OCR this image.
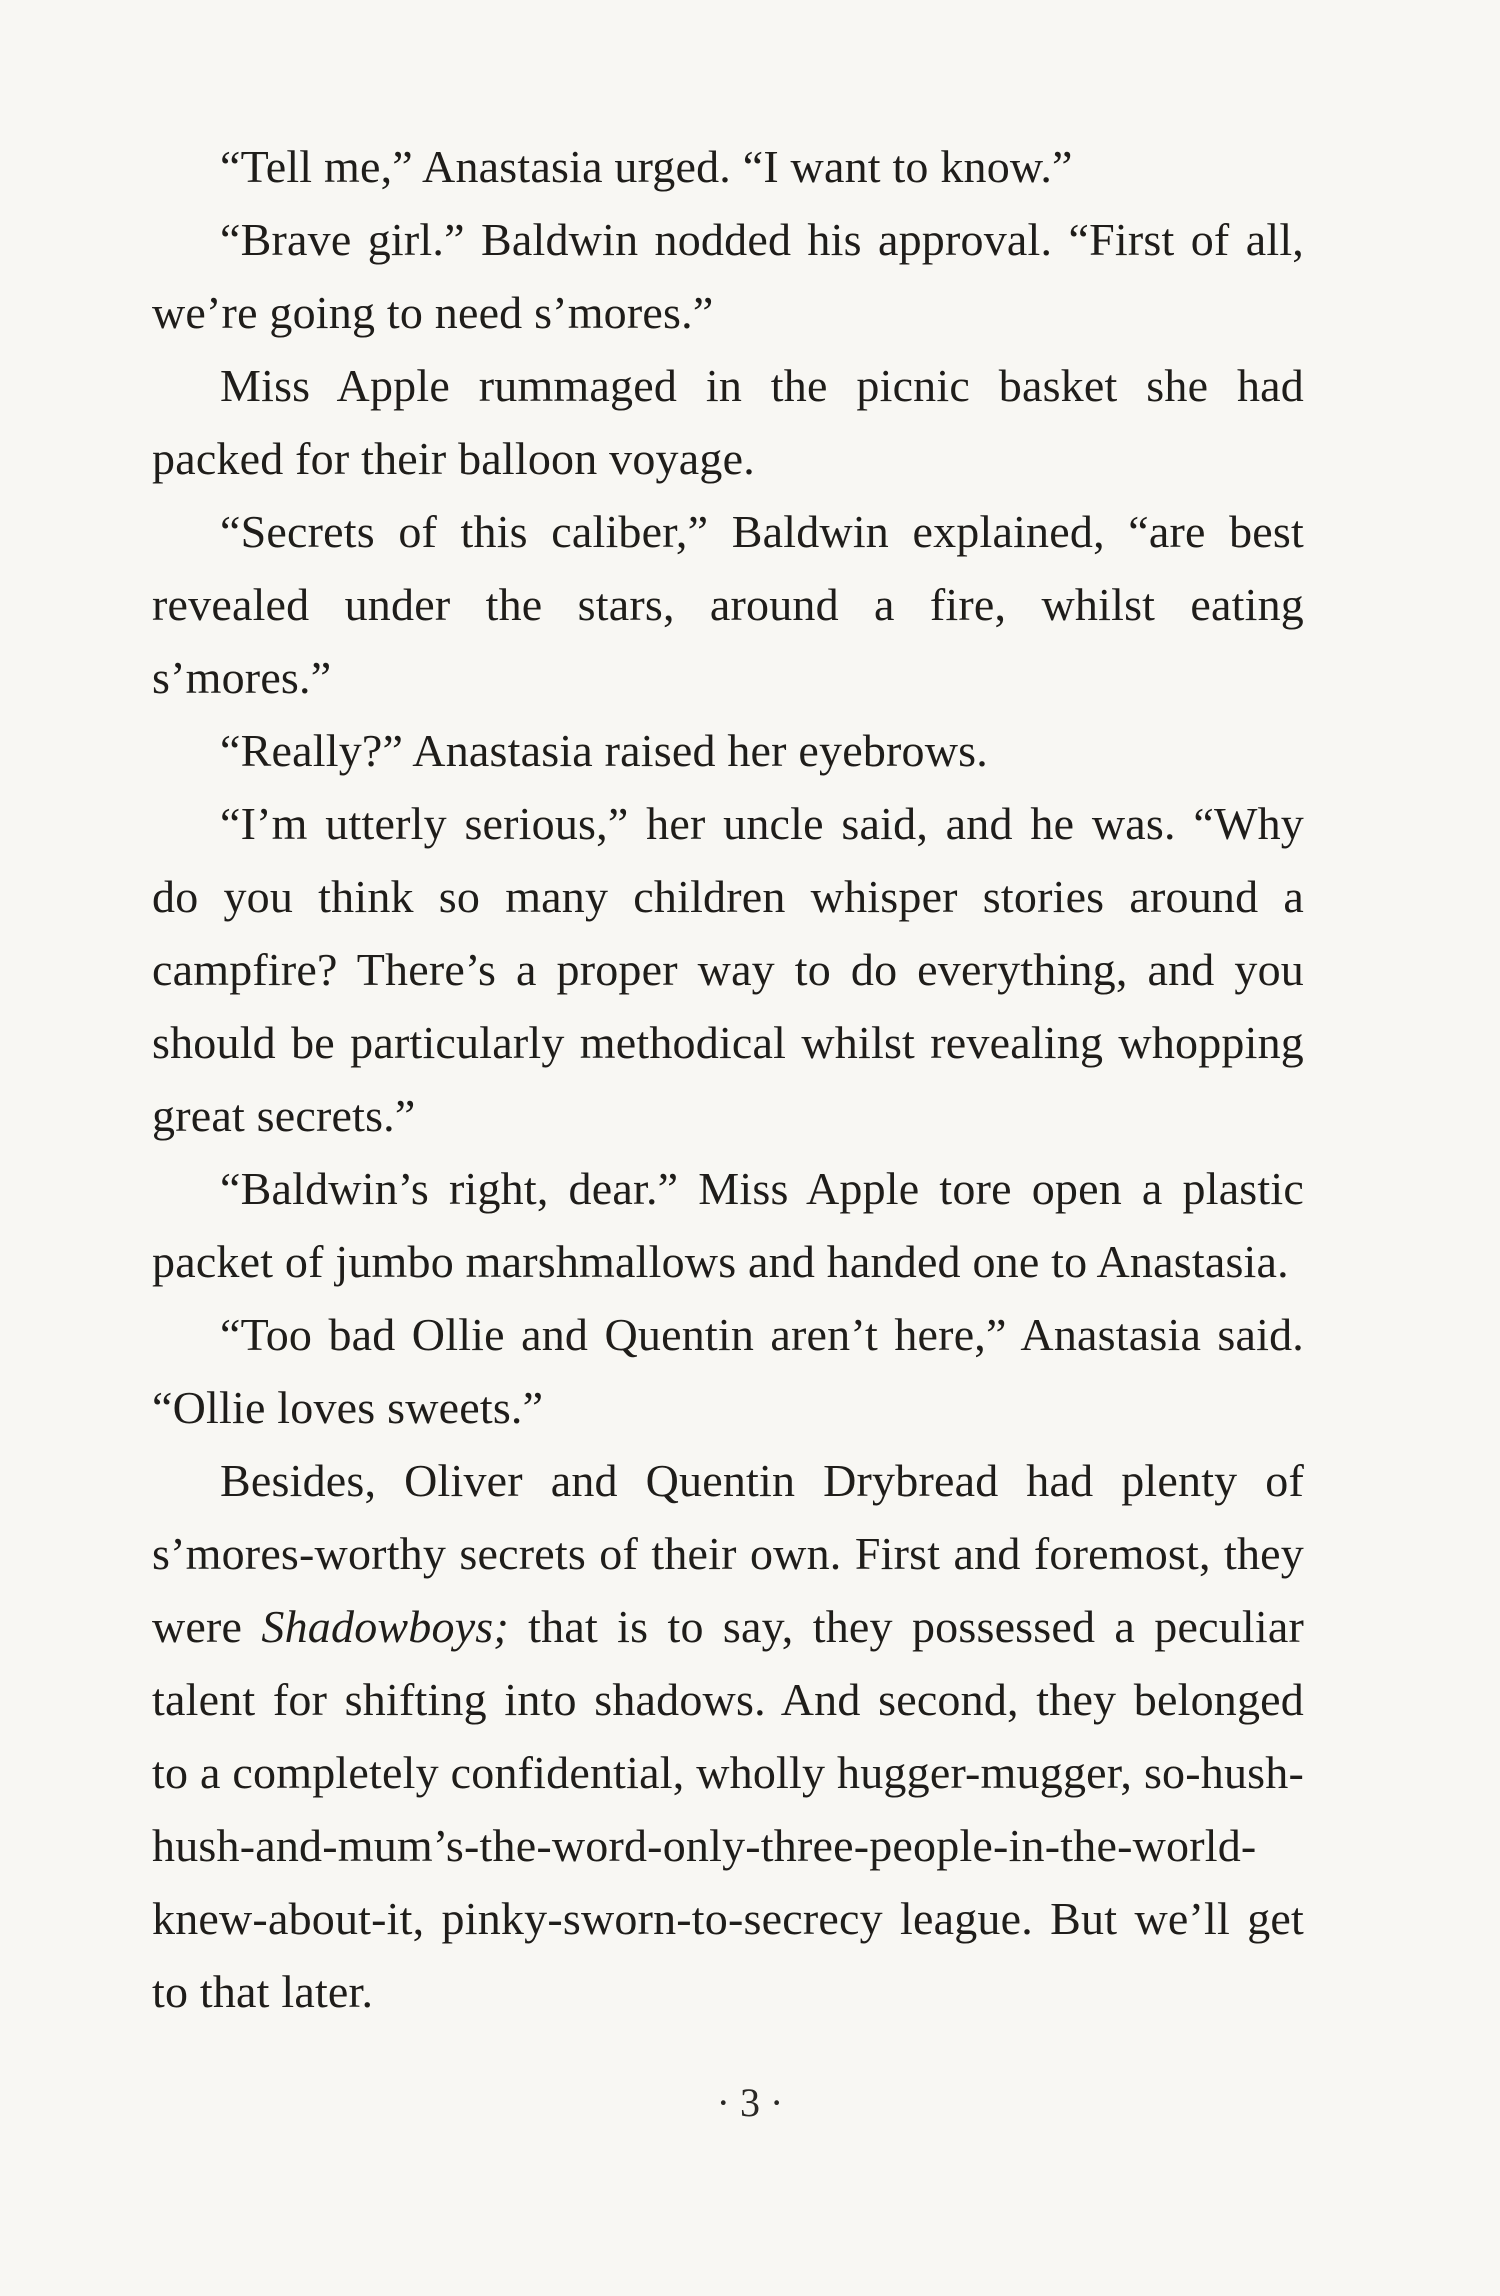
“Tell me,” Anastasia urged. “I want to know.”

“Brave girl.” Baldwin nodded his approval. “First of all, we’re going to need s’mores.”

Miss Apple rummaged in the picnic basket she had packed for their balloon voyage.

“Secrets of this caliber,” Baldwin explained, “are best revealed under the stars, around a fire, whilst eating s’mores.”

“Really?” Anastasia raised her eyebrows.

“I’m utterly serious,” her uncle said, and he was. “Why do you think so many children whisper stories around a campfire? There’s a proper way to do everything, and you should be particularly methodical whilst revealing whopping great secrets.”

“Baldwin’s right, dear.” Miss Apple tore open a plastic packet of jumbo marshmallows and handed one to Anastasia.

“Too bad Ollie and Quentin aren’t here,” Anastasia said. “Ollie loves sweets.”

Besides, Oliver and Quentin Drybread had plenty of s’mores-worthy secrets of their own. First and foremost, they were Shadowboys; that is to say, they possessed a peculiar talent for shifting into shadows. And second, they belonged to a completely confidential, wholly hugger-mugger, so-hush-hush-and-mum’s-the-word-only-three-people-in-the-world-knew-about-it, pinky-sworn-to-secrecy league. But we’ll get to that later.

· 3 ·
